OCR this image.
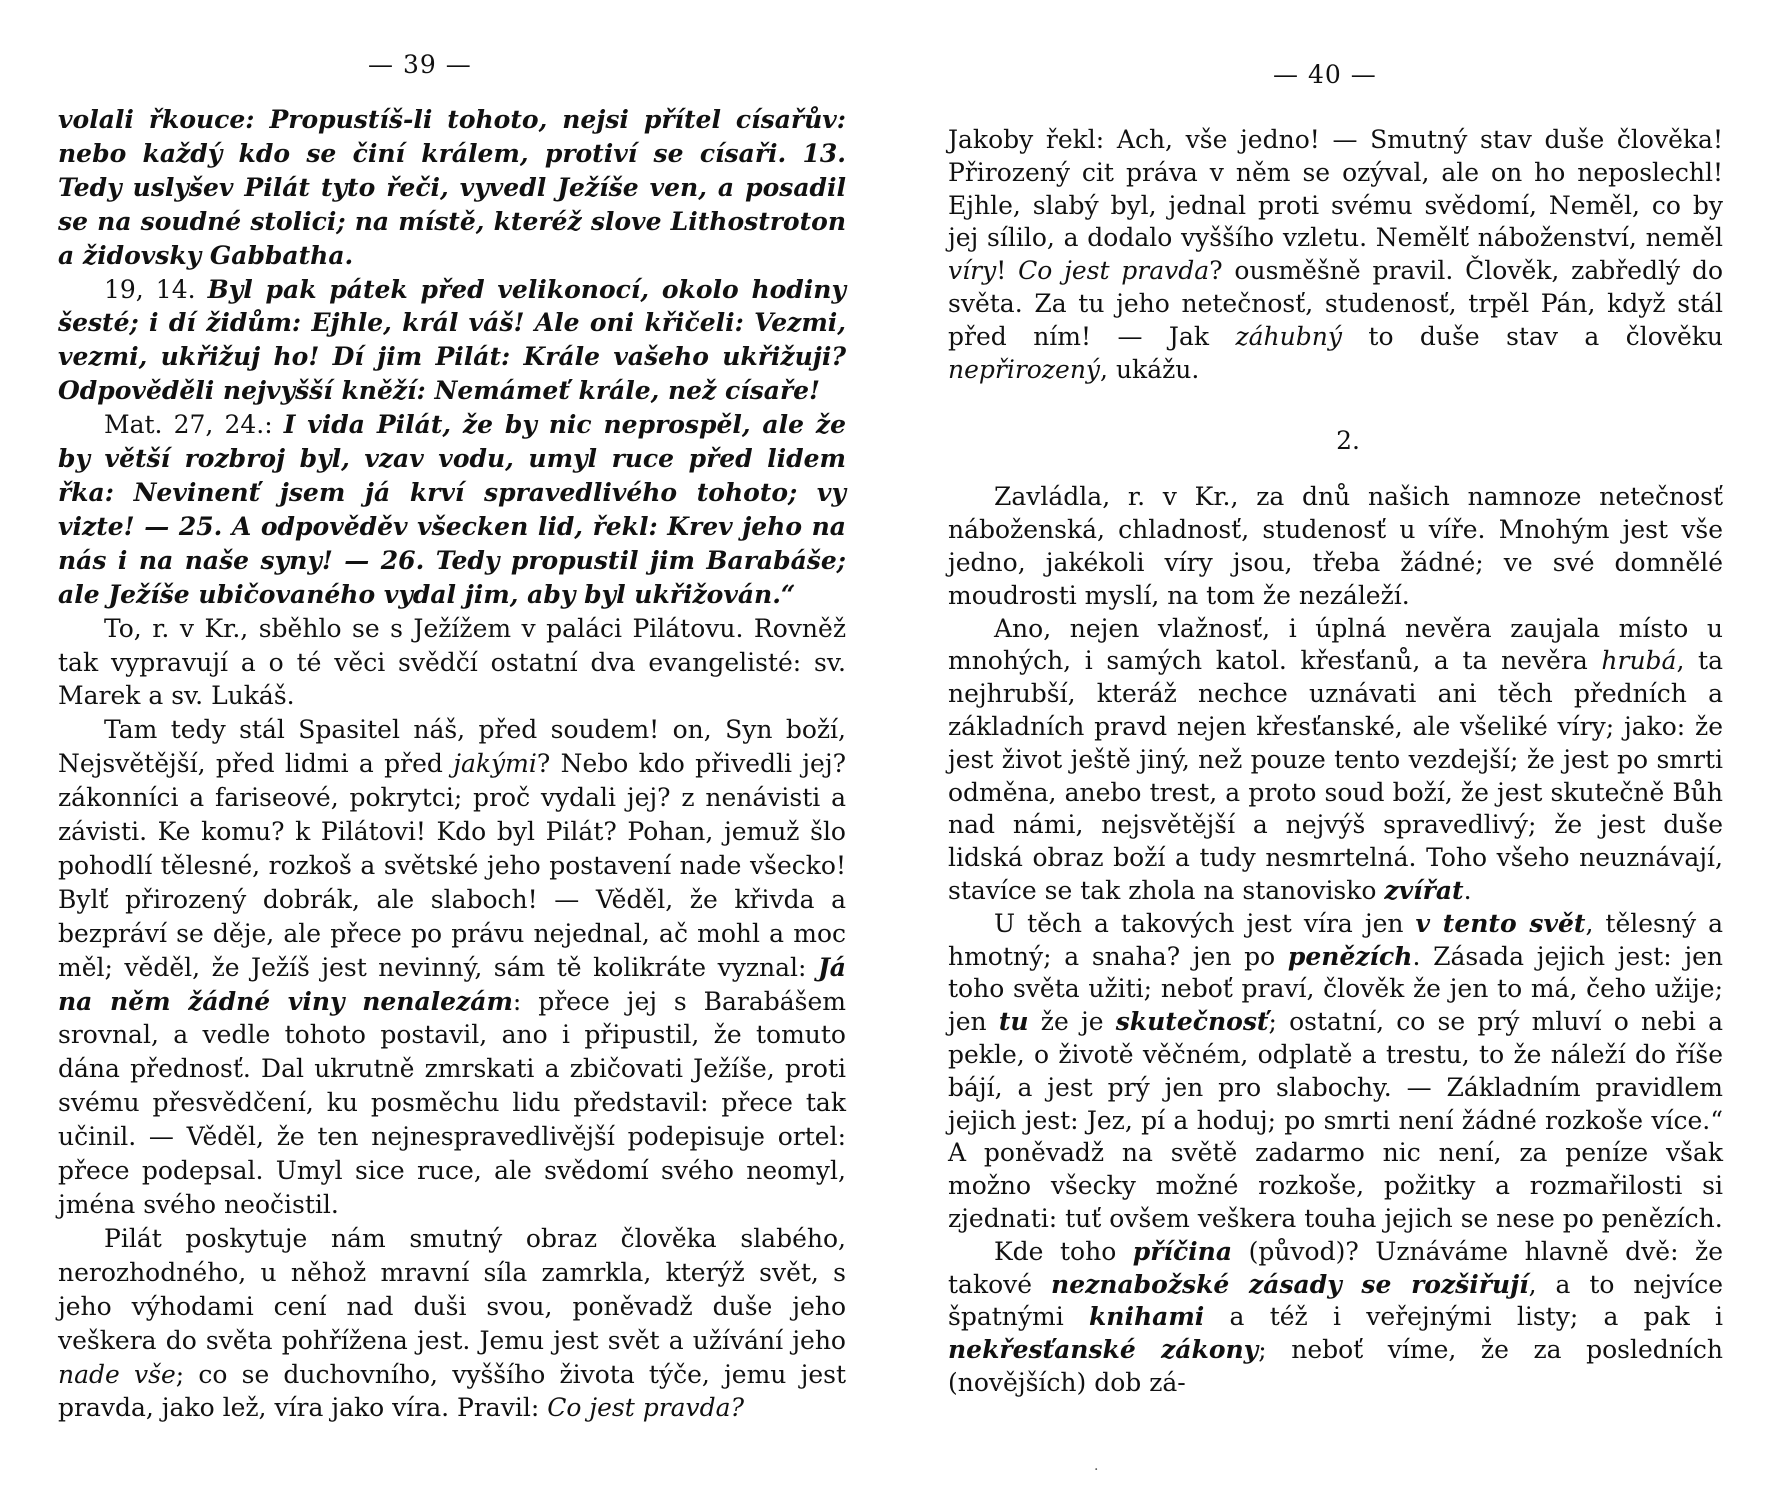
— 39 —

volali řkouce: Propustíš-li tohoto, nejsi přítel císařův: nebo každý kdo se činí králem, protiví se císaři. 13. Tedy uslyšev Pilát tyto řeči, vyvedl Ježíše ven, a posadil se na soudné stolici; na místě, kteréž slove Lithostroton a židovsky Gabbatha.

19, 14. Byl pak pátek před velikonocí, okolo hodiny šesté; i dí židům: Ejhle, král váš! Ale oni křičeli: Vezmi, vezmi, ukřižuj ho! Dí jim Pilát: Krále vašeho ukřižuji? Odpověděli nejvyšší kněží: Nemámeť krále, než císaře!

Mat. 27, 24.: I vida Pilát, že by nic neprospěl, ale že by větší rozbroj byl, vzav vodu, umyl ruce před lidem řka: Nevinenť jsem já krví spravedlivého tohoto; vy vizte! — 25. A odpověděv všecken lid, řekl: Krev jeho na nás i na naše syny! — 26. Tedy propustil jim Barabáše; ale Ježíše ubičovaného vydal jim, aby byl ukřižován.“

To, r. v Kr., sběhlo se s Ježížem v paláci Pilátovu. Rovněž tak vypravují a o té věci svědčí ostatní dva evangelisté: sv. Marek a sv. Lukáš.

Tam tedy stál Spasitel náš, před soudem! on, Syn boží, Nejsvětější, před lidmi a před jakými? Nebo kdo přivedli jej? zákonníci a fariseové, pokrytci; proč vydali jej? z nenávisti a závisti. Ke komu? k Pilátovi! Kdo byl Pilát? Pohan, jemuž šlo pohodlí tělesné, rozkoš a světské jeho postavení nade všecko! Bylť přirozený dobrák, ale slaboch! — Věděl, že křivda a bezpráví se děje, ale přece po právu nejednal, ač mohl a moc měl; věděl, že Ježíš jest nevinný, sám tě kolikráte vyznal: Já na něm žádné viny nenalezám: přece jej s Barabášem srovnal, a vedle tohoto postavil, ano i připustil, že tomuto dána přednosť. Dal ukrutně zmrskati a zbičovati Ježíše, proti svému přesvědčení, ku posměchu lidu představil: přece tak učinil. — Věděl, že ten nejnespravedlivější podepisuje ortel: přece podepsal. Umyl sice ruce, ale svědomí svého neomyl, jména svého neočistil.

Pilát poskytuje nám smutný obraz člověka slabého, nerozhodného, u něhož mravní síla zamrkla, kterýž svět, s jeho výhodami cení nad duši svou, poněvadž duše jeho veškera do světa pohřížena jest. Jemu jest svět a užívání jeho nade vše; co se duchovního, vyššího života týče, jemu jest pravda, jako lež, víra jako víra. Pravil: Co jest pravda?

— 40 —

Jakoby řekl: Ach, vše jedno! — Smutný stav duše člověka! Přirozený cit práva v něm se ozýval, ale on ho neposlechl! Ejhle, slabý byl, jednal proti svému svědomí, Neměl, co by jej sílilo, a dodalo vyššího vzletu. Nemělť náboženství, neměl víry! Co jest pravda? ousměšně pravil. Člověk, zabředlý do světa. Za tu jeho netečnosť, studenosť, trpěl Pán, když stál před ním! — Jak záhubný to duše stav a člověku nepřirozený, ukážu.

2.

Zavládla, r. v Kr., za dnů našich namnoze netečnosť náboženská, chladnosť, studenosť u víře. Mnohým jest vše jedno, jakékoli víry jsou, třeba žádné; ve své domnělé moudrosti myslí, na tom že nezáleží.

Ano, nejen vlažnosť, i úplná nevěra zaujala místo u mnohých, i samých katol. křesťanů, a ta nevěra hrubá, ta nejhrubší, kteráž nechce uznávati ani těch předních a základních pravd nejen křesťanské, ale všeliké víry; jako: že jest život ještě jiný, než pouze tento vezdejší; že jest po smrti odměna, anebo trest, a proto soud boží, že jest skutečně Bůh nad námi, nejsvětější a nejvýš spravedlivý; že jest duše lidská obraz boží a tudy nesmrtelná. Toho všeho neuznávají, stavíce se tak zhola na stanovisko zvířat.

U těch a takových jest víra jen v tento svět, tělesný a hmotný; a snaha? jen po penězích. Zásada jejich jest: jen toho světa užiti; neboť praví, člověk že jen to má, čeho užije; jen tu že je skutečnosť; ostatní, co se prý mluví o nebi a pekle, o životě věčném, odplatě a trestu, to že náleží do říše bájí, a jest prý jen pro slabochy. — Základním pravidlem jejich jest: Jez, pí a hoduj; po smrti není žádné rozkoše více.“ A poněvadž na světě zadarmo nic není, za peníze však možno všecky možné rozkoše, požitky a rozmařilosti si zjednati: tuť ovšem veškera touha jejich se nese po penězích.

Kde toho příčina (původ)? Uznáváme hlavně dvě: že takové neznabožské zásady se rozšiřují, a to nejvíce špatnými knihami a též i veřejnými listy; a pak i nekřesťanské zákony; neboť víme, že za posledních (novějších) dob zá-

·
